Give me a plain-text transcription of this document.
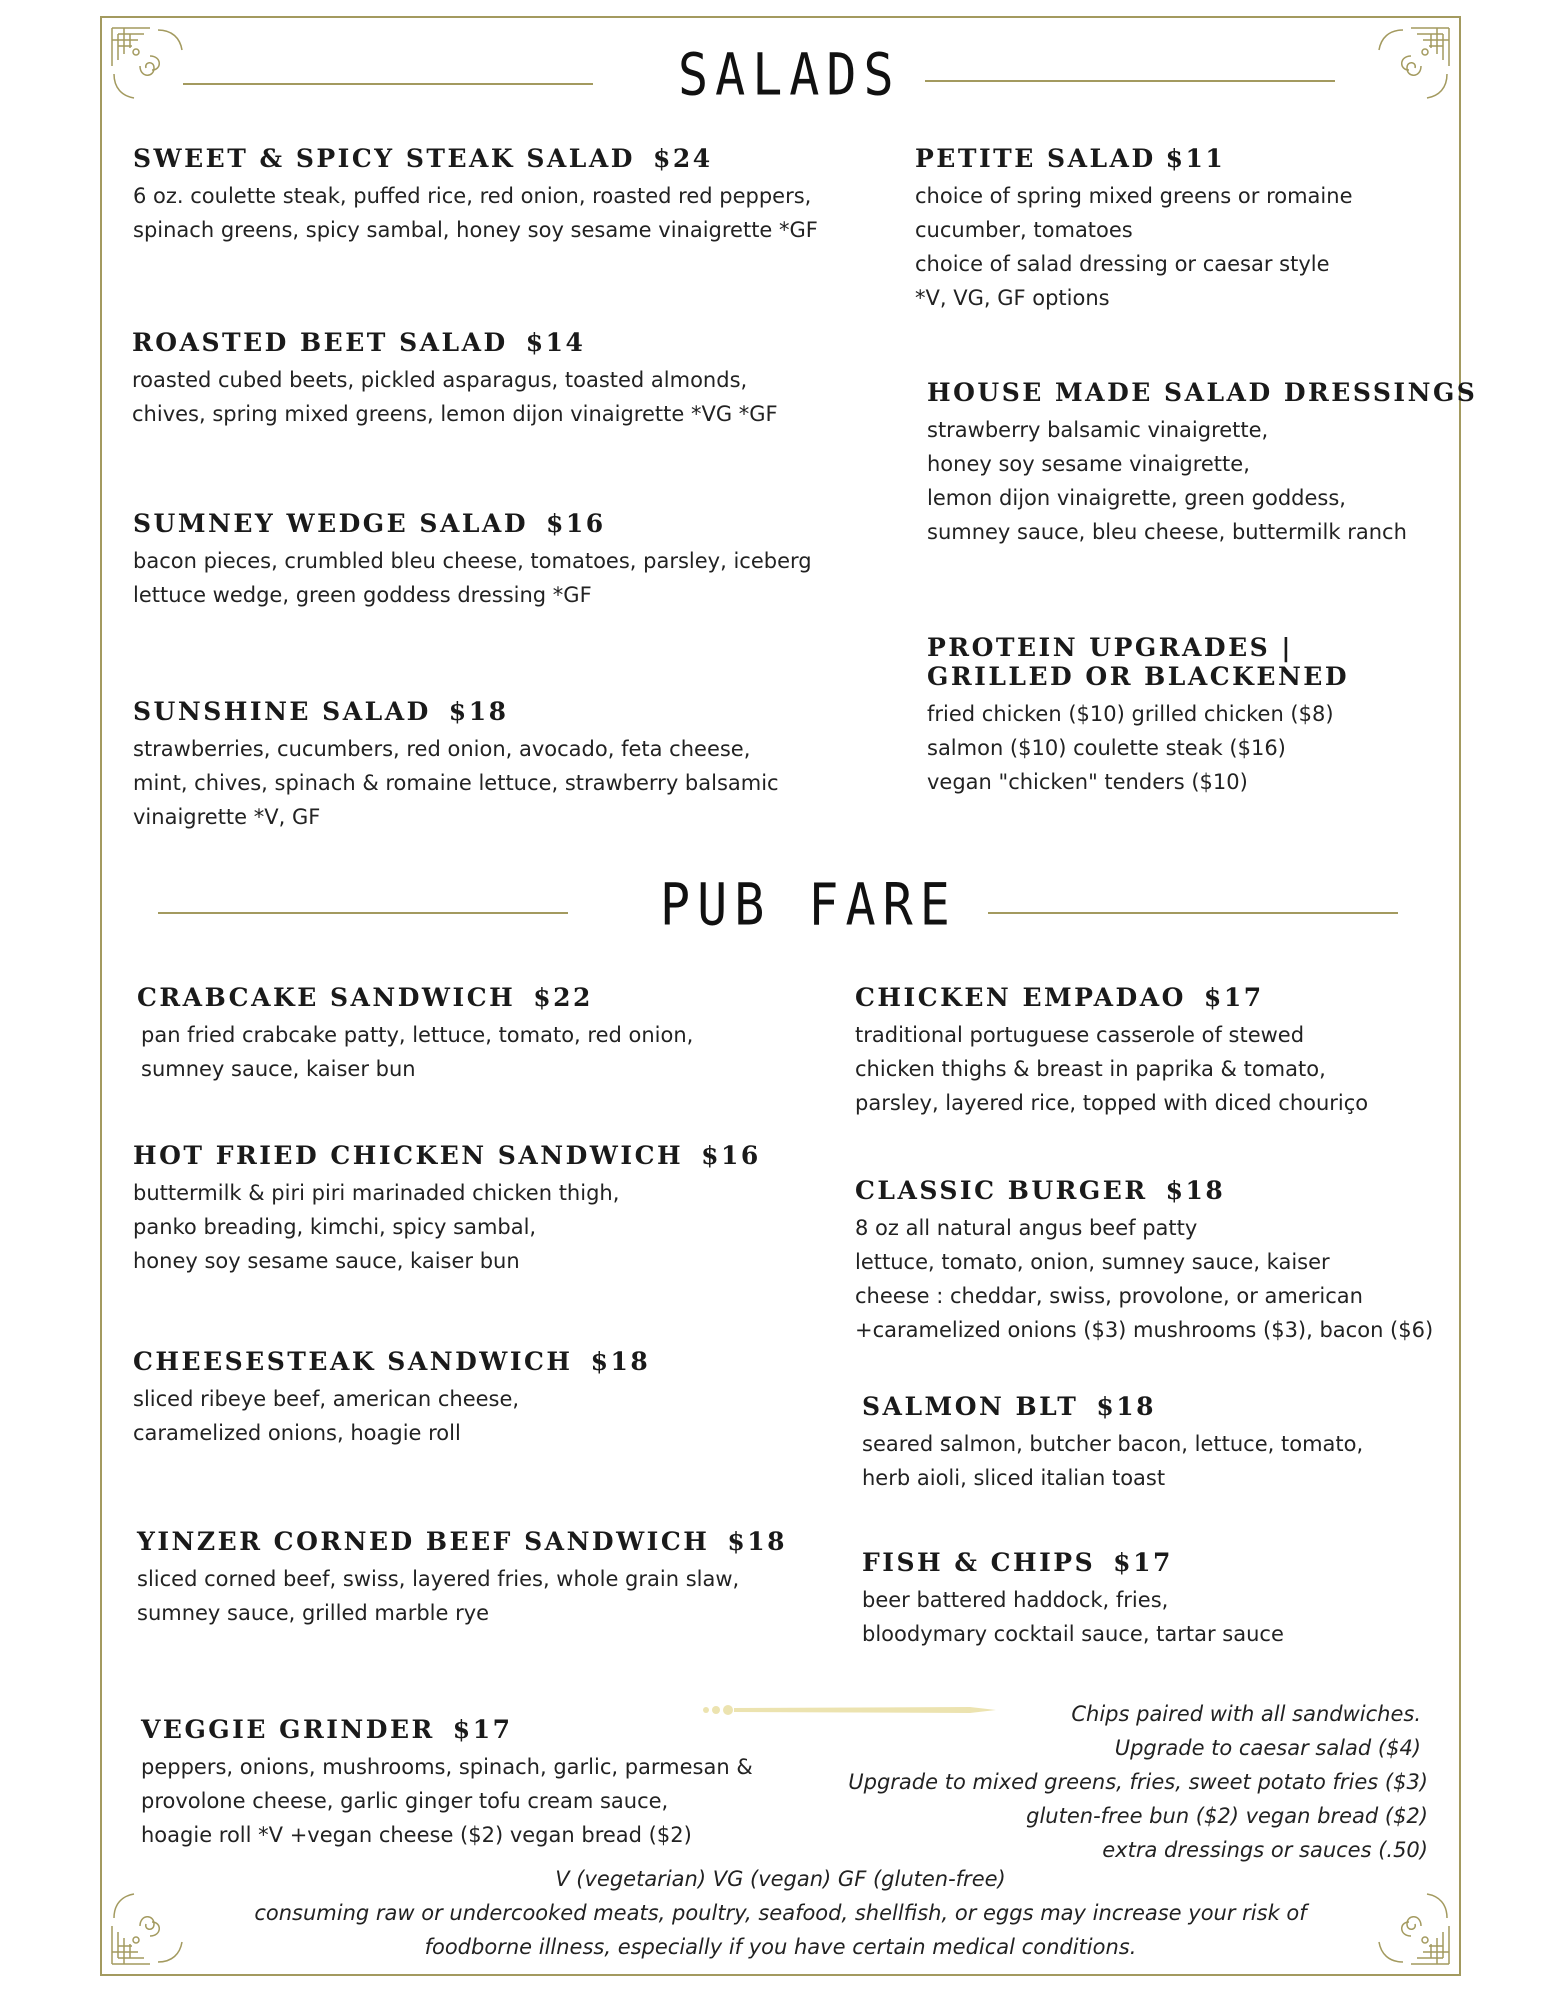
SALADS
SWEET & SPICY STEAK SALAD $24
6 oz. coulette steak, puffed rice, red onion, roasted red peppers,
spinach greens, spicy sambal, honey soy sesame vinaigrette *GF
ROASTED BEET SALAD $14
roasted cubed beets, pickled asparagus, toasted almonds,
chives, spring mixed greens, lemon dijon vinaigrette *VG *GF
SUMNEY WEDGE SALAD $16
bacon pieces, crumbled bleu cheese, tomatoes, parsley, iceberg
lettuce wedge, green goddess dressing *GF
SUNSHINE SALAD $18
strawberries, cucumbers, red onion, avocado, feta cheese,
mint, chives, spinach & romaine lettuce, strawberry balsamic
vinaigrette *V, GF
PETITE SALAD $11
choice of spring mixed greens or romaine
cucumber, tomatoes
choice of salad dressing or caesar style
*V, VG, GF options
HOUSE MADE SALAD DRESSINGS
strawberry balsamic vinaigrette,
honey soy sesame vinaigrette,
lemon dijon vinaigrette, green goddess,
sumney sauce, bleu cheese, buttermilk ranch
PROTEIN UPGRADES |
GRILLED OR BLACKENED
fried chicken ($10) grilled chicken ($8)
salmon ($10) coulette steak ($16)
vegan "chicken" tenders ($10)
PUB FARE
CRABCAKE SANDWICH $22
pan fried crabcake patty, lettuce, tomato, red onion,
sumney sauce, kaiser bun
HOT FRIED CHICKEN SANDWICH $16
buttermilk & piri piri marinaded chicken thigh,
panko breading, kimchi, spicy sambal,
honey soy sesame sauce, kaiser bun
CHEESESTEAK SANDWICH $18
sliced ribeye beef, american cheese,
caramelized onions, hoagie roll
YINZER CORNED BEEF SANDWICH $18
sliced corned beef, swiss, layered fries, whole grain slaw,
sumney sauce, grilled marble rye
VEGGIE GRINDER $17
peppers, onions, mushrooms, spinach, garlic, parmesan &
provolone cheese, garlic ginger tofu cream sauce,
hoagie roll *V +vegan cheese ($2) vegan bread ($2)
CHICKEN EMPADAO $17
traditional portuguese casserole of stewed
chicken thighs & breast in paprika & tomato,
parsley, layered rice, topped with diced chouriço
CLASSIC BURGER $18
8 oz all natural angus beef patty
lettuce, tomato, onion, sumney sauce, kaiser
cheese : cheddar, swiss, provolone, or american
+caramelized onions ($3) mushrooms ($3), bacon ($6)
SALMON BLT $18
seared salmon, butcher bacon, lettuce, tomato,
herb aioli, sliced italian toast
FISH & CHIPS $17
beer battered haddock, fries,
bloodymary cocktail sauce, tartar sauce
Chips paired with all sandwiches.
Upgrade to caesar salad ($4)
Upgrade to mixed greens, fries, sweet potato fries ($3)
gluten-free bun ($2) vegan bread ($2)
extra dressings or sauces (.50)
V (vegetarian) VG (vegan) GF (gluten-free)
consuming raw or undercooked meats, poultry, seafood, shellfish, or eggs may increase your risk of
foodborne illness, especially if you have certain medical conditions.
